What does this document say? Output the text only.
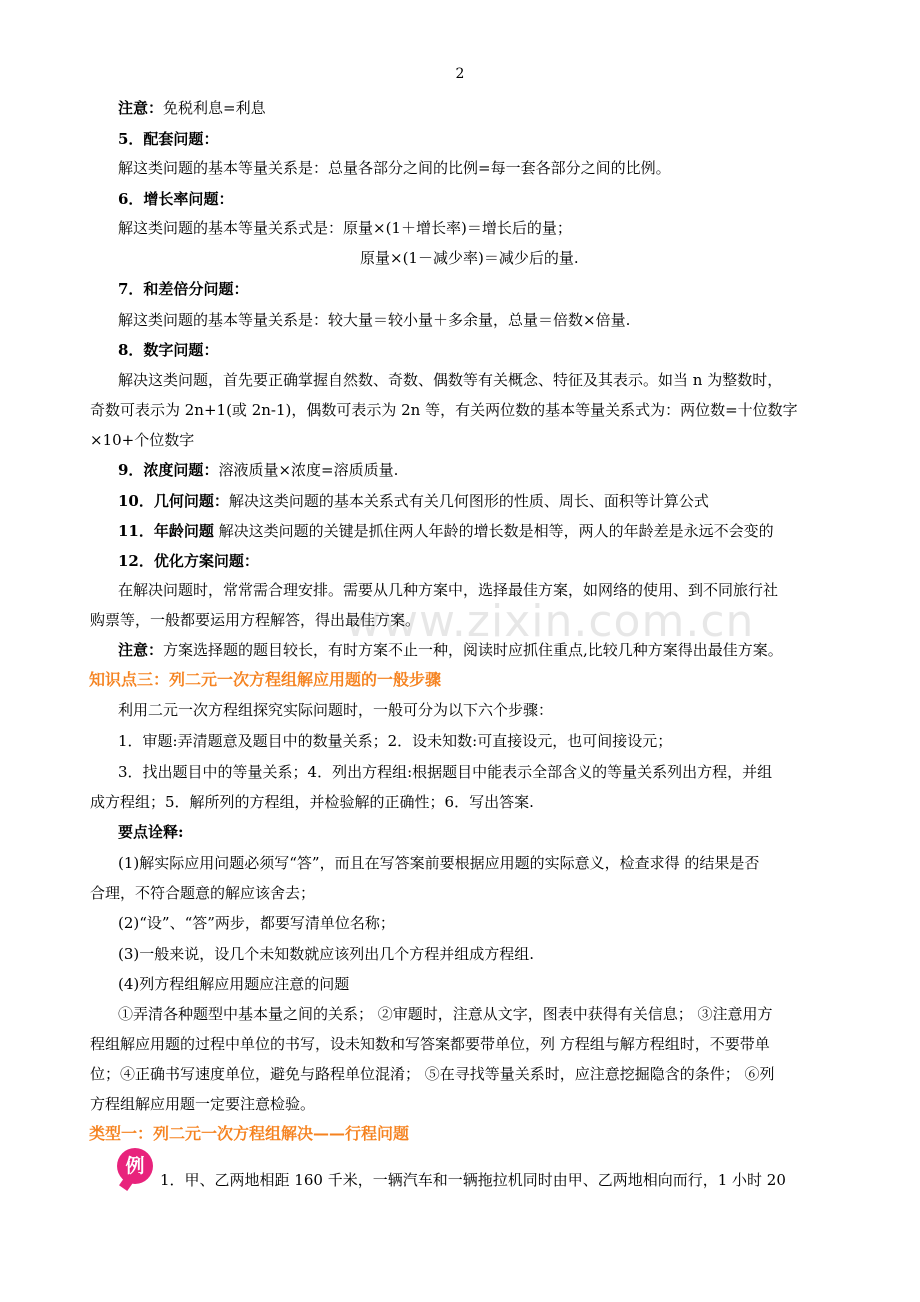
www.zixin.com.cn
2
注意：免税利息=利息
5．配套问题：
解这类问题的基本等量关系是：总量各部分之间的比例=每一套各部分之间的比例。
6．增长率问题：
解这类问题的基本等量关系式是：原量×(1＋增长率)＝增长后的量；
原量×(1－减少率)＝减少后的量.
7．和差倍分问题：
解这类问题的基本等量关系是：较大量＝较小量＋多余量，总量＝倍数×倍量.
8．数字问题：
解决这类问题，首先要正确掌握自然数、奇数、偶数等有关概念、特征及其表示。如当 n 为整数时，
奇数可表示为 2n+1(或 2n-1)，偶数可表示为 2n 等，有关两位数的基本等量关系式为：两位数=十位数字
×10+个位数字
9．浓度问题：溶液质量×浓度=溶质质量.
10．几何问题：解决这类问题的基本关系式有关几何图形的性质、周长、面积等计算公式
11．年龄问题 解决这类问题的关键是抓住两人年龄的增长数是相等，两人的年龄差是永远不会变的
12．优化方案问题：
在解决问题时，常常需合理安排。需要从几种方案中，选择最佳方案，如网络的使用、到不同旅行社
购票等，一般都要运用方程解答，得出最佳方案。
注意：方案选择题的题目较长，有时方案不止一种，阅读时应抓住重点,比较几种方案得出最佳方案。
知识点三：列二元一次方程组解应用题的一般步骤
利用二元一次方程组探究实际问题时，一般可分为以下六个步骤：
1．审题:弄清题意及题目中的数量关系；2．设未知数:可直接设元，也可间接设元；
3．找出题目中的等量关系；4．列出方程组:根据题目中能表示全部含义的等量关系列出方程，并组
成方程组；5．解所列的方程组，并检验解的正确性；6．写出答案.
要点诠释:
(1)解实际应用问题必须写“答”，而且在写答案前要根据应用题的实际意义，检查求得 的结果是否
合理，不符合题意的解应该舍去；
(2)“设”、“答”两步，都要写清单位名称；
(3)一般来说，设几个未知数就应该列出几个方程并组成方程组.
(4)列方程组解应用题应注意的问题
①弄清各种题型中基本量之间的关系； ②审题时，注意从文字，图表中获得有关信息； ③注意用方
程组解应用题的过程中单位的书写，设未知数和写答案都要带单位，列 方程组与解方程组时，不要带单
位；④正确书写速度单位，避免与路程单位混淆； ⑤在寻找等量关系时，应注意挖掘隐含的条件； ⑥列
方程组解应用题一定要注意检验。
类型一：列二元一次方程组解决——行程问题
例
1．甲、乙两地相距 160 千米，一辆汽车和一辆拖拉机同时由甲、乙两地相向而行，1 小时 20
